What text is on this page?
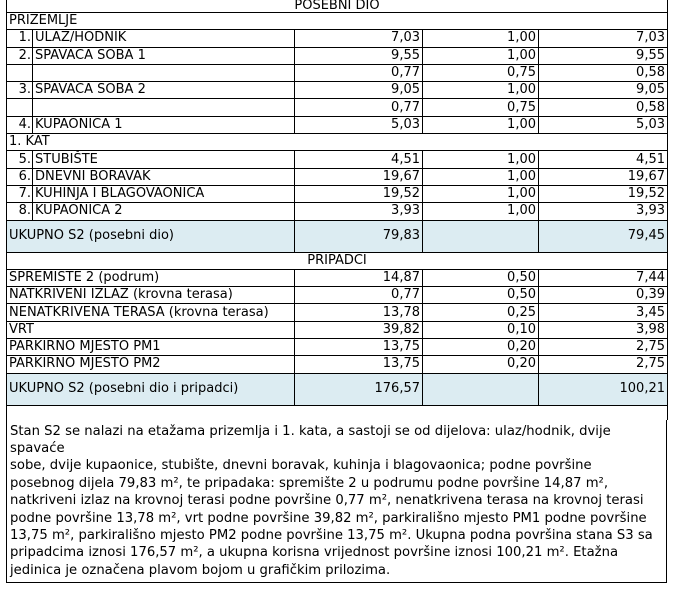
POSEBNI DIO				
PRIZEMLJE				
1.	ULAZ/HODNIK	7,03	1,00	7,03
2.	SPAVAĆA SOBA 1	9,55	1,00	9,55
		0,77	0,75	0,58
3.	SPAVAĆA SOBA 2	9,05	1,00	9,05
		0,77	0,75	0,58
4.	KUPAONICA 1	5,03	1,00	5,03
1. KAT				
5.	STUBIŠTE	4,51	1,00	4,51
6.	DNEVNI BORAVAK	19,67	1,00	19,67
7.	KUHINJA I BLAGOVAONICA	19,52	1,00	19,52
8.	KUPAONICA 2	3,93	1,00	3,93
UKUPNO S2 (posebni dio)		79,83		79,45
PRIPADCI				
SPREMIŠTE 2 (podrum)		14,87	0,50	7,44
NATKRIVENI IZLAZ (krovna terasa)		0,77	0,50	0,39
NENATKRIVENA TERASA (krovna terasa)		13,78	0,25	3,45
VRT		39,82	0,10	3,98
PARKIRNO MJESTO PM1		13,75	0,20	2,75
PARKIRNO MJESTO PM2		13,75	0,20	2,75
UKUPNO S2 (posebni dio i pripadci)		176,57		100,21

Stan S2 se nalazi na etažama prizemlja i 1. kata, a sastoji se od dijelova: ulaz/hodnik, dvije spavaće
sobe, dvije kupaonice, stubište, dnevni boravak, kuhinja i blagovaonica; podne površine
posebnog dijela 79,83 m², te pripadaka: spremište 2 u podrumu podne površine 14,87 m²,
natkriveni izlaz na krovnoj terasi podne površine 0,77 m², nenatkrivena terasa na krovnoj terasi
podne površine 13,78 m², vrt podne površine 39,82 m², parkirališno mjesto PM1 podne površine
13,75 m², parkirališno mjesto PM2 podne površine 13,75 m². Ukupna podna površina stana S3 sa
pripadcima iznosi 176,57 m², a ukupna korisna vrijednost površine iznosi 100,21 m². Etažna
jedinica je označena plavom bojom u grafičkim prilozima.
